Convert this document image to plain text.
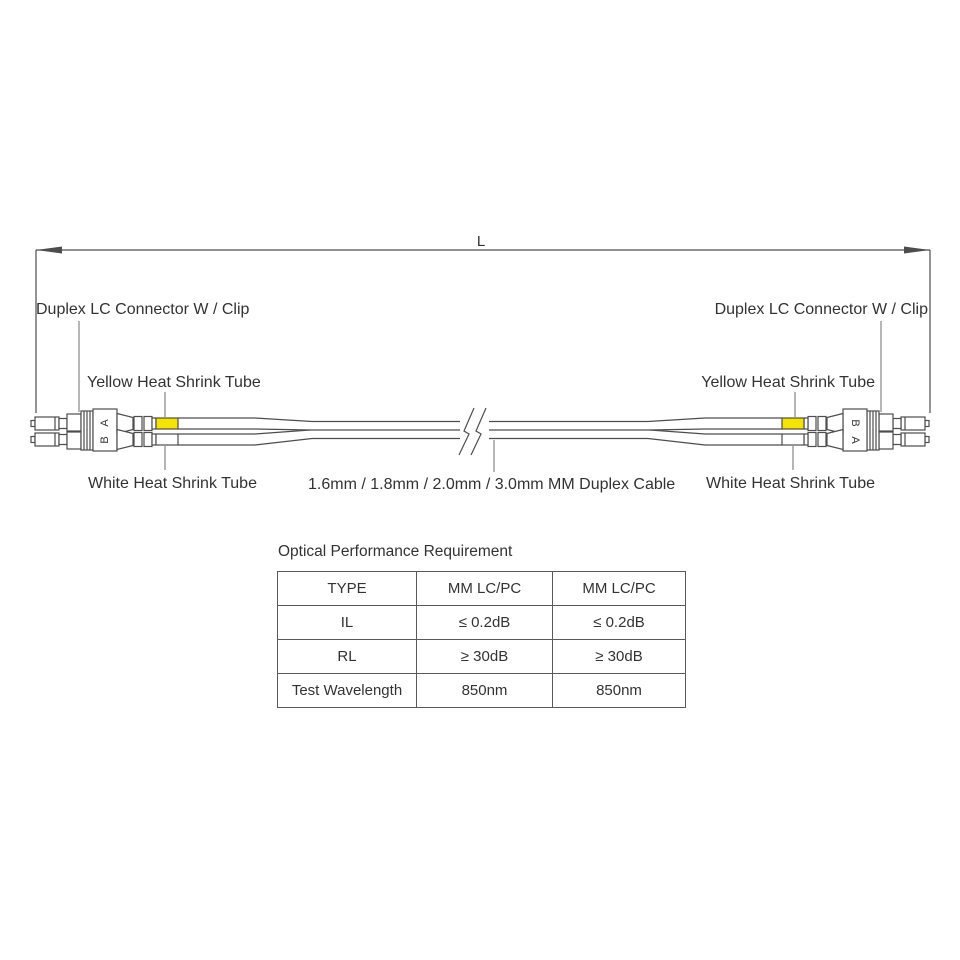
L
A
B
B
A
Duplex LC Connector W / Clip	Duplex LC Connector W / Clip
Yellow Heat Shrink Tube	Yellow Heat Shrink Tube
White Heat Shrink Tube	White Heat Shrink Tube
1.6mm / 1.8mm / 2.0mm / 3.0mm MM Duplex Cable
Optical Performance Requirement
TYPE	MM LC/PC	MM LC/PC
IL	≤ 0.2dB	≤ 0.2dB
RL	≥ 30dB	≥ 30dB
Test Wavelength	850nm	850nm
